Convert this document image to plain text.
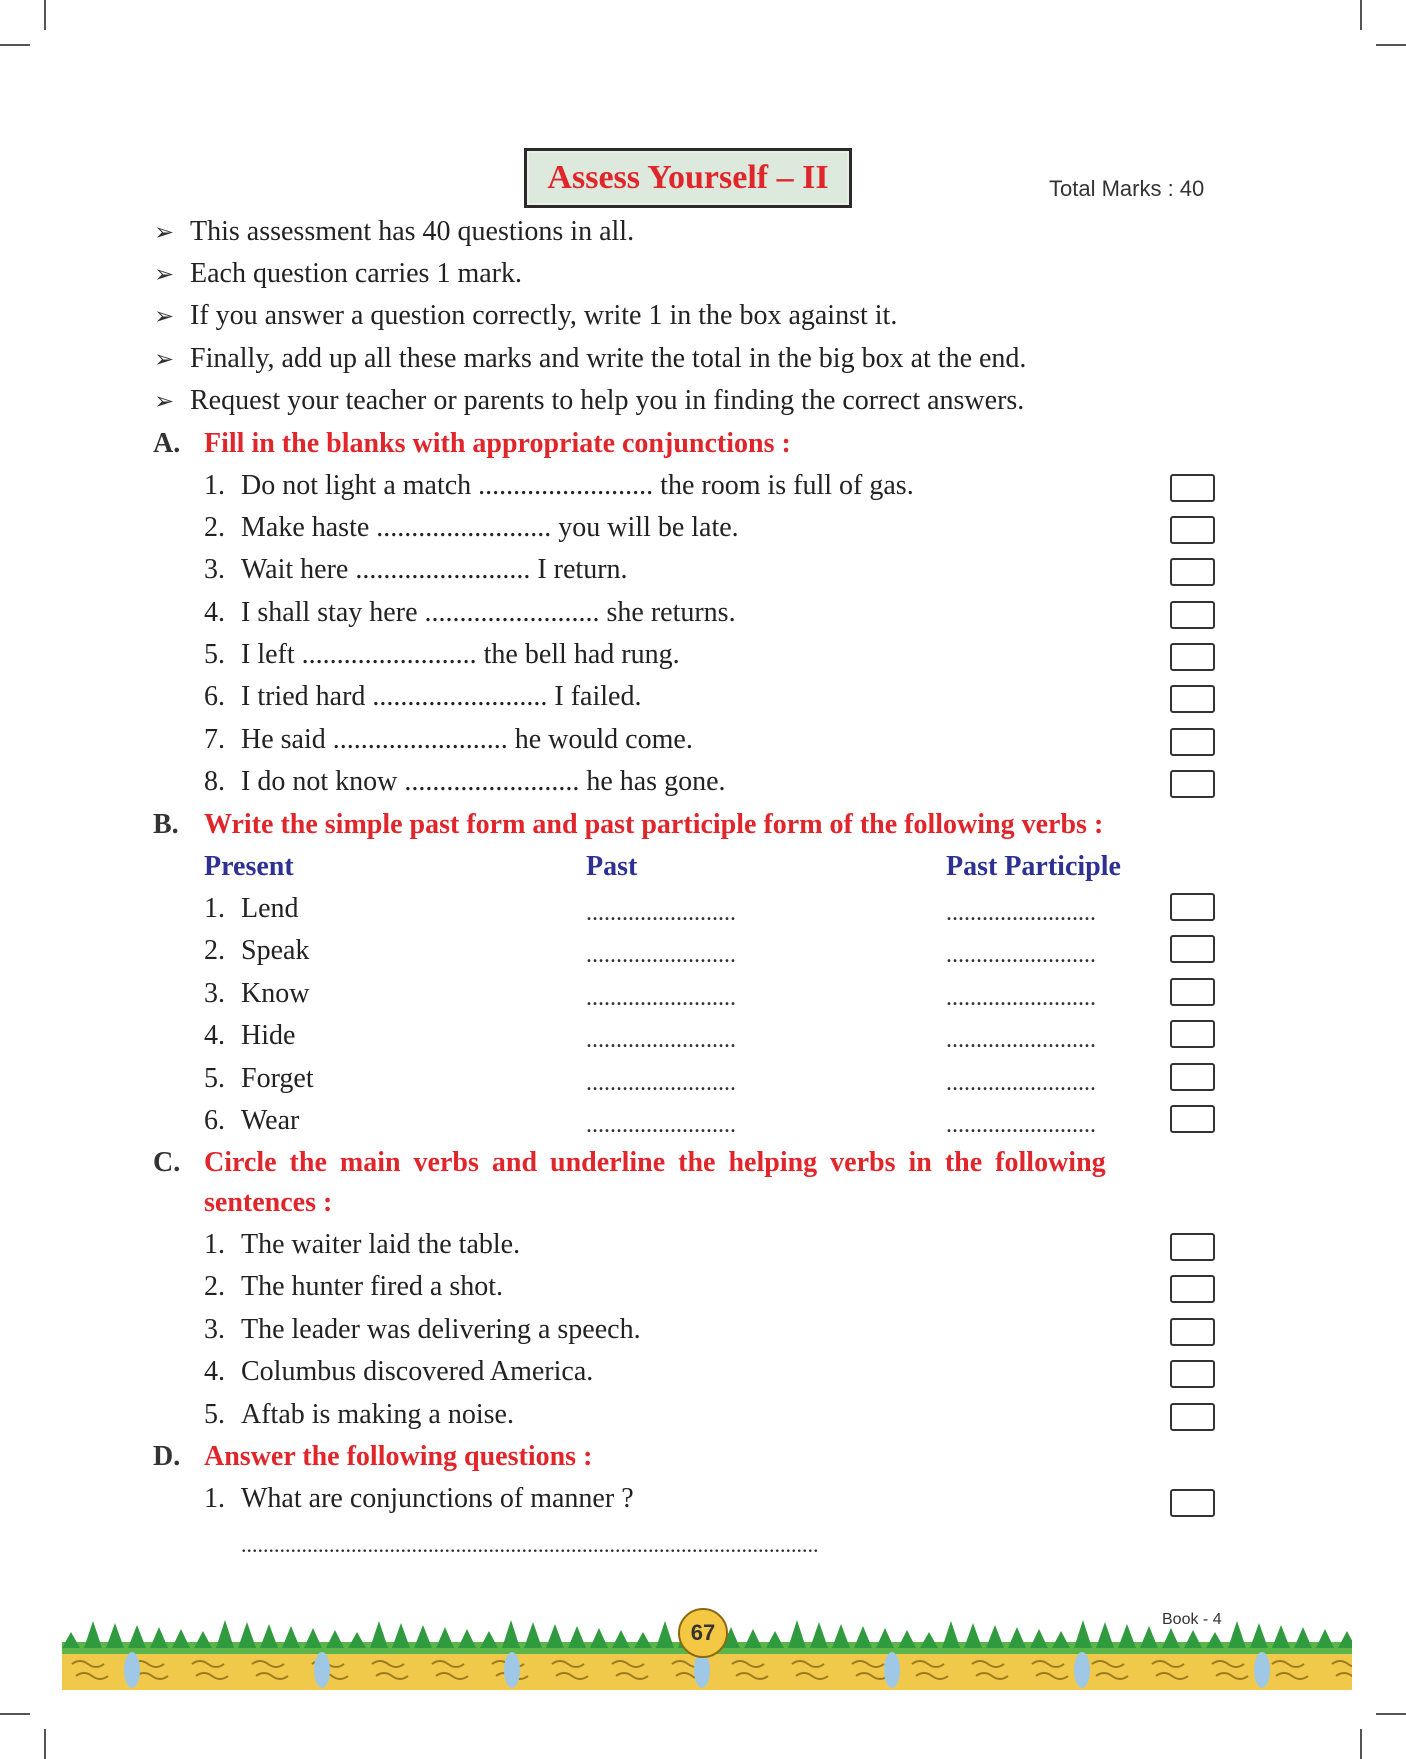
Assess Yourself – II	Total Marks : 40
➢ This assessment has 40 questions in all.
➢ Each question carries 1 mark.
➢ If you answer a question correctly, write 1 in the box against it.
➢ Finally, add up all these marks and write the total in the big box at the end.
➢ Request your teacher or parents to help you in finding the correct answers.
A. Fill in the blanks with appropriate conjunctions :
1. Do not light a match ......................... the room is full of gas.
2. Make haste ......................... you will be late.
3. Wait here ......................... I return.
4. I shall stay here ......................... she returns.
5. I left ......................... the bell had rung.
6. I tried hard ......................... I failed.
7. He said ......................... he would come.
8. I do not know ......................... he has gone.
B. Write the simple past form and past participle form of the following verbs :
Present	Past	Past Participle
1. Lend	.........................	.........................
2. Speak	.........................	.........................
3. Know	.........................	.........................
4. Hide	.........................	.........................
5. Forget	.........................	.........................
6. Wear	.........................	.........................
C. Circle the main verbs and underline the helping verbs in the following
sentences :
1. The waiter laid the table.
2. The hunter fired a shot.
3. The leader was delivering a speech.
4. Columbus discovered America.
5. Aftab is making a noise.
D. Answer the following questions :
1. What are conjunctions of manner ?
.........................................................................................................
67
Book - 4
